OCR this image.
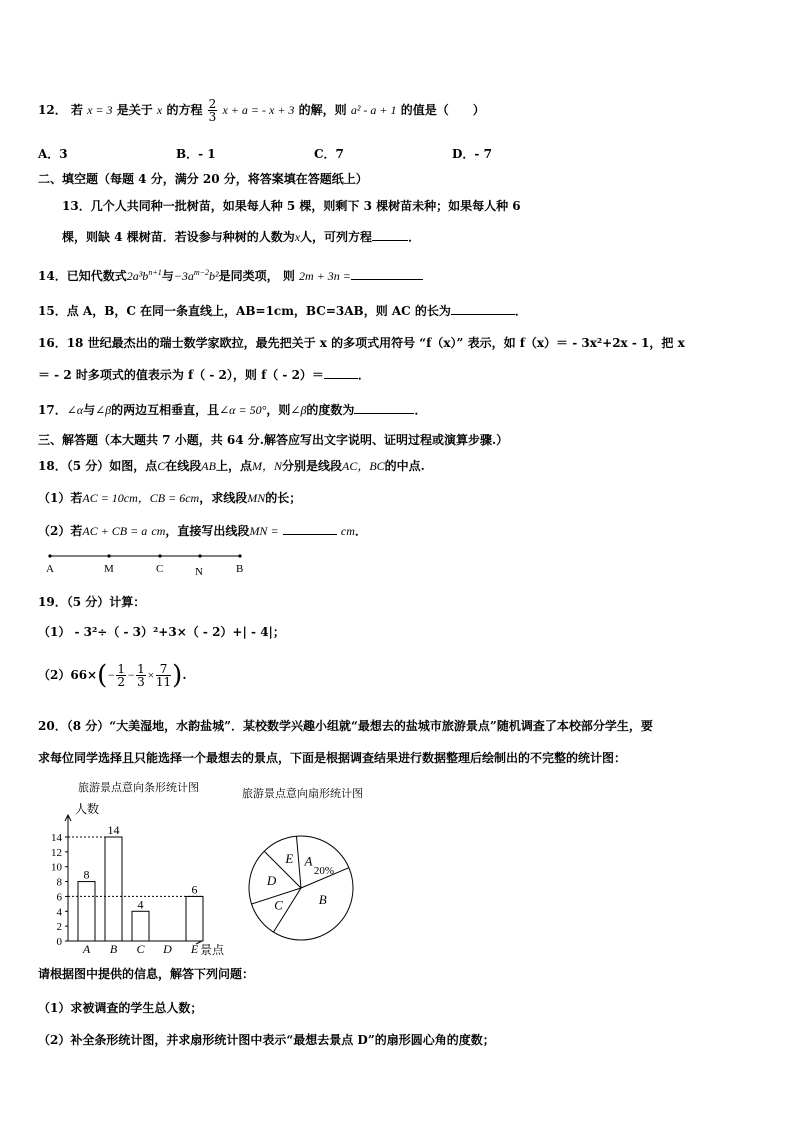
12． 若 x = 3 是关于 x 的方程 $\frac{2}{3}$ x + a = - x + 3 的解，则 a² - a + 1 的值是（　　）
A．3	B．- 1	C．7	D．- 7
二、填空题（每题 4 分，满分 20 分，将答案填在答题纸上）
13．几个人共同种一批树苗，如果每人种 5 棵，则剩下 3 棵树苗未种；如果每人种 6
棵，则缺 4 棵树苗．若设参与种树的人数为x人，可列方程	．
14．已知代数式$2a^3b^{n+1}$与$-3a^{m-2}b^2$是同类项， 则 2m + 3n =
15．点 A，B，C 在同一条直线上，AB=1cm，BC=3AB，则 AC 的长为	．
16．18 世纪最杰出的瑞士数学家欧拉，最先把关于 x 的多项式用符号 “f（x）” 表示，如 f（x）＝ - 3x²+2x - 1，把 x
＝ - 2 时多项式的值表示为 f（ - 2），则 f（ - 2）＝	．
17．∠α与∠β的两边互相垂直，且∠α = 50°，则∠β的度数为	．
三、解答题（本大题共 7 小题，共 64 分.解答应写出文字说明、证明过程或演算步骤.）
18．（5 分）如图，点C在线段AB上，点M，N分别是线段AC，BC的中点.
（1）若AC = 10cm，CB = 6cm，求线段MN的长；
（2）若AC + CB = a cm，直接写出线段MN =	cm．
A	M	C	N	B
19．（5 分）计算：
（1） - 3²÷（ - 3）²+3×（ - 2）+| - 4|；
$(2)66\times(- \frac{1}{2} - \frac{1}{3} \times \frac{7}{11}$ ).
20．（8 分）“大美湿地，水韵盐城”．某校数学兴趣小组就“最想去的盐城市旅游景点”随机调查了本校部分学生，要
求每位同学选择且只能选择一个最想去的景点，下面是根据调查结果进行数据整理后绘制出的不完整的统计图：
旅游景点意向条形统计图
人数
景点
0
2
4
6
8
10
12
14
8
A
14
B
4
C D
6
E
旅游景点意向扇形统计图
A
B
C
D
E
20%
请根据图中提供的信息，解答下列问题：
（1）求被调查的学生总人数；
（2）补全条形统计图，并求扇形统计图中表示“最想去景点 D”的扇形圆心角的度数；
